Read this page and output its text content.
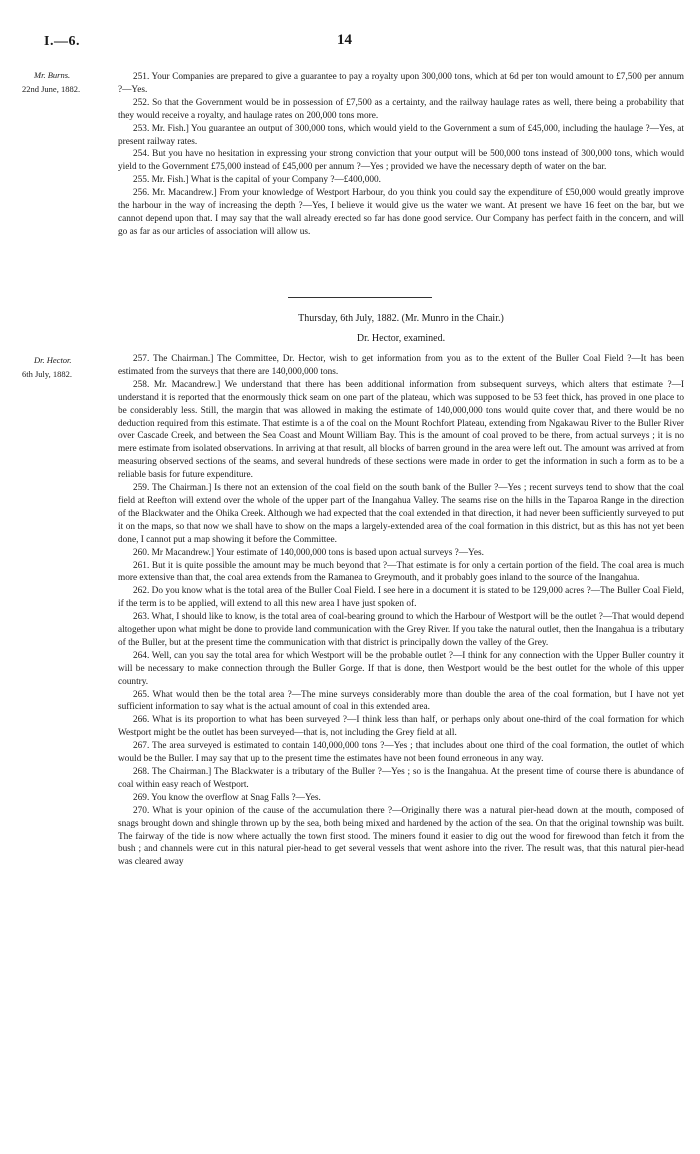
I.—6.	14
Mr. Burns.
22nd June, 1882.

251. Your Companies are prepared to give a guarantee to pay a royalty upon 300,000 tons, which at 6d per ton would amount to £7,500 per annum ?—Yes.

252. So that the Government would be in possession of £7,500 as a certainty, and the railway haulage rates as well, there being a probability that they would receive a royalty, and haulage rates on 200,000 tons more.

253. Mr. Fish.] You guarantee an output of 300,000 tons, which would yield to the Government a sum of £45,000, including the haulage ?—Yes, at present railway rates.

254. But you have no hesitation in expressing your strong conviction that your output will be 500,000 tons instead of 300,000 tons, which would yield to the Government £75,000 instead of £45,000 per annum ?—Yes ; provided we have the necessary depth of water on the bar.

255. Mr. Fish.] What is the capital of your Company ?—£400,000.

256. Mr. Macandrew.] From your knowledge of Westport Harbour, do you think you could say the expenditure of £50,000 would greatly improve the harbour in the way of increasing the depth ?—Yes, I believe it would give us the water we want. At present we have 16 feet on the bar, but we cannot depend upon that. I may say that the wall already erected so far has done good service. Our Company has perfect faith in the concern, and will go as far as our articles of association will allow us.

Thursday, 6th July, 1882. (Mr. Munro in the Chair.)
Dr. Hector, examined.
Dr. Hector.
6th July, 1882.

257. The Chairman.] The Committee, Dr. Hector, wish to get information from you as to the extent of the Buller Coal Field ?—It has been estimated from the surveys that there are 140,000,000 tons.

258. Mr. Macandrew.] We understand that there has been additional information from subsequent surveys, which alters that estimate ?—I understand it is reported that the enormously thick seam on one part of the plateau, which was supposed to be 53 feet thick, has proved in one place to be considerably less. Still, the margin that was allowed in making the estimate of 140,000,000 tons would quite cover that, and there would be no deduction required from this estimate. That estimte is a of the coal on the Mount Rochfort Plateau, extending from Ngakawau River to the Buller River over Cascade Creek, and between the Sea Coast and Mount William Bay. This is the amount of coal proved to be there, from actual surveys ; it is no mere estimate from isolated observations. In arriving at that result, all blocks of barren ground in the area were left out. The amount was arrived at from measuring observed sections of the seams, and several hundreds of these sections were made in order to get the information in such a form as to be a reliable basis for future expenditure.

259. The Chairman.] Is there not an extension of the coal field on the south bank of the Buller ?—Yes ; recent surveys tend to show that the coal field at Reefton will extend over the whole of the upper part of the Inangahua Valley. The seams rise on the hills in the Taparoa Range in the direction of the Blackwater and the Ohika Creek. Although we had expected that the coal extended in that direction, it had never been sufficiently surveyed to put it on the maps, so that now we shall have to show on the maps a largely-extended area of the coal formation in this district, but as this has not yet been done, I cannot put a map showing it before the Committee.

260. Mr Macandrew.] Your estimate of 140,000,000 tons is based upon actual surveys ?—Yes.

261. But it is quite possible the amount may be much beyond that ?—That estimate is for only a certain portion of the field. The coal area is much more extensive than that, the coal area extends from the Ramanea to Greymouth, and it probably goes inland to the source of the Inangahua.

262. Do you know what is the total area of the Buller Coal Field. I see here in a document it is stated to be 129,000 acres ?—The Buller Coal Field, if the term is to be applied, will extend to all this new area I have just spoken of.

263. What, I should like to know, is the total area of coal-bearing ground to which the Harbour of Westport will be the outlet ?—That would depend altogether upon what might be done to provide land communication with the Grey River. If you take the natural outlet, then the Inangahua is a tributary of the Buller, but at the present time the communication with that district is principally down the valley of the Grey.

264. Well, can you say the total area for which Westport will be the probable outlet ?—I think for any connection with the Upper Buller country it will be necessary to make connection through the Buller Gorge. If that is done, then Westport would be the best outlet for the whole of this upper country.

265. What would then be the total area ?—The mine surveys considerably more than double the area of the coal formation, but I have not yet sufficient information to say what is the actual amount of coal in this extended area.

266. What is its proportion to what has been surveyed ?—I think less than half, or perhaps only about one-third of the coal formation for which Westport might be the outlet has been surveyed—that is, not including the Grey field at all.

267. The area surveyed is estimated to contain 140,000,000 tons ?—Yes ; that includes about one third of the coal formation, the outlet of which would be the Buller. I may say that up to the present time the estimates have not been found erroneous in any way.

268. The Chairman.] The Blackwater is a tributary of the Buller ?—Yes ; so is the Inangahua. At the present time of course there is abundance of coal within easy reach of Westport.

269. You know the overflow at Snag Falls ?—Yes.

270. What is your opinion of the cause of the accumulation there ?—Originally there was a natural pier-head down at the mouth, composed of snags brought down and shingle thrown up by the sea, both being mixed and hardened by the action of the sea. On that the original township was built. The fairway of the tide is now where actually the town first stood. The miners found it easier to dig out the wood for firewood than fetch it from the bush ; and channels were cut in this natural pier-head to get several vessels that went ashore into the river. The result was, that this natural pier-head was cleared away
